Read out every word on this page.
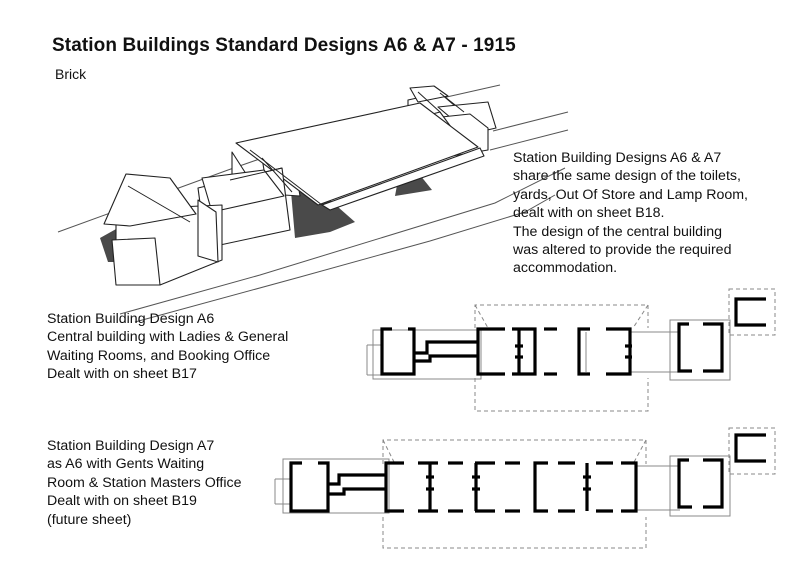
Station Buildings Standard Designs A6 & A7 - 1915
Brick
Station Building Designs A6 & A7
share the same design of the toilets,
yards, Out Of Store and Lamp Room,
dealt with on sheet B18.
The design of the central building
was altered to provide the required
accommodation.
Station Building Design A6
Central building with Ladies & General
Waiting Rooms, and Booking Office
Dealt with on sheet B17
Station Building Design A7
as A6 with Gents Waiting
Room & Station Masters Office
Dealt with on sheet B19
(future sheet)
